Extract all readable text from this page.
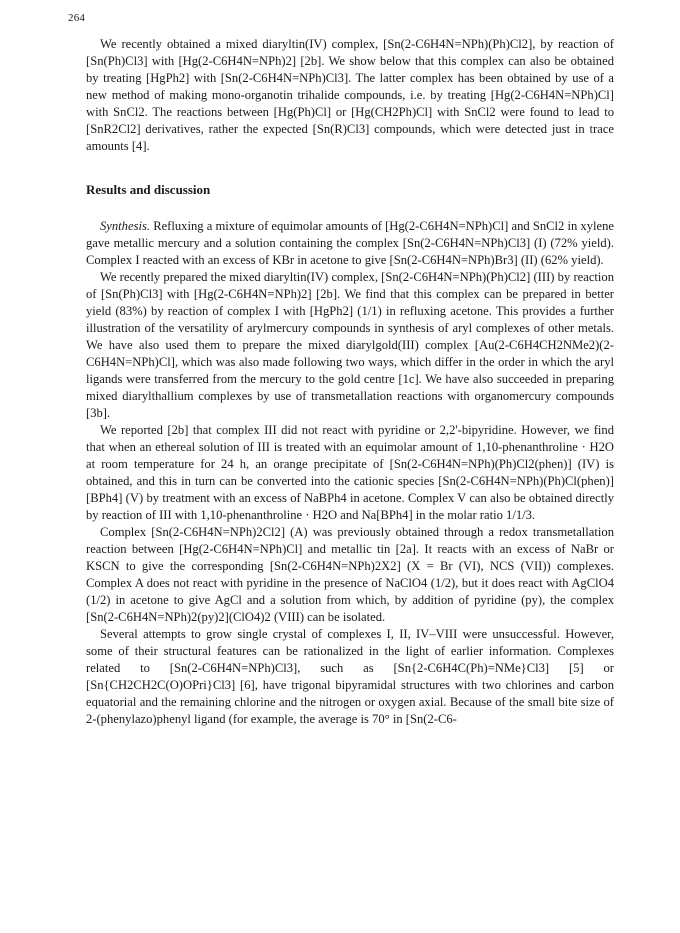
264

We recently obtained a mixed diaryltin(IV) complex, [Sn(2-C6H4N=NPh)(Ph)Cl2], by reaction of [Sn(Ph)Cl3] with [Hg(2-C6H4N=NPh)2] [2b]. We show below that this complex can also be obtained by treating [HgPh2] with [Sn(2-C6H4N=NPh)Cl3]. The latter complex has been obtained by use of a new method of making mono-organotin trihalide compounds, i.e. by treating [Hg(2-C6H4N=NPh)Cl] with SnCl2. The reactions between [Hg(Ph)Cl] or [Hg(CH2Ph)Cl] with SnCl2 were found to lead to [SnR2Cl2] derivatives, rather the expected [Sn(R)Cl3] compounds, which were detected just in trace amounts [4].

Results and discussion

Synthesis. Refluxing a mixture of equimolar amounts of [Hg(2-C6H4N=NPh)Cl] and SnCl2 in xylene gave metallic mercury and a solution containing the complex [Sn(2-C6H4N=NPh)Cl3] (I) (72% yield). Complex I reacted with an excess of KBr in acetone to give [Sn(2-C6H4N=NPh)Br3] (II) (62% yield).

We recently prepared the mixed diaryltin(IV) complex, [Sn(2-C6H4N=NPh)(Ph)Cl2] (III) by reaction of [Sn(Ph)Cl3] with [Hg(2-C6H4N=NPh)2] [2b]. We find that this complex can be prepared in better yield (83%) by reaction of complex I with [HgPh2] (1/1) in refluxing acetone. This provides a further illustration of the versatility of arylmercury compounds in synthesis of aryl complexes of other metals. We have also used them to prepare the mixed diarylgold(III) complex [Au(2-C6H4CH2NMe2)(2-C6H4N=NPh)Cl], which was also made following two ways, which differ in the order in which the aryl ligands were transferred from the mercury to the gold centre [1c]. We have also succeeded in preparing mixed diarylthallium complexes by use of transmetallation reactions with organomercury compounds [3b].

We reported [2b] that complex III did not react with pyridine or 2,2'-bipyridine. However, we find that when an ethereal solution of III is treated with an equimolar amount of 1,10-phenanthroline · H2O at room temperature for 24 h, an orange precipitate of [Sn(2-C6H4N=NPh)(Ph)Cl2(phen)] (IV) is obtained, and this in turn can be converted into the cationic species [Sn(2-C6H4N=NPh)(Ph)Cl(phen)][BPh4] (V) by treatment with an excess of NaBPh4 in acetone. Complex V can also be obtained directly by reaction of III with 1,10-phenanthroline · H2O and Na[BPh4] in the molar ratio 1/1/3.

Complex [Sn(2-C6H4N=NPh)2Cl2] (A) was previously obtained through a redox transmetallation reaction between [Hg(2-C6H4N=NPh)Cl] and metallic tin [2a]. It reacts with an excess of NaBr or KSCN to give the corresponding [Sn(2-C6H4N=NPh)2X2] (X = Br (VI), NCS (VII)) complexes. Complex A does not react with pyridine in the presence of NaClO4 (1/2), but it does react with AgClO4 (1/2) in acetone to give AgCl and a solution from which, by addition of pyridine (py), the complex [Sn(2-C6H4N=NPh)2(py)2](ClO4)2 (VIII) can be isolated.

Several attempts to grow single crystal of complexes I, II, IV–VIII were unsuccessful. However, some of their structural features can be rationalized in the light of earlier information. Complexes related to [Sn(2-C6H4N=NPh)Cl3], such as [Sn{2-C6H4C(Ph)=NMe}Cl3] [5] or [Sn{CH2CH2C(O)OPri}Cl3] [6], have trigonal bipyramidal structures with two chlorines and carbon equatorial and the remaining chlorine and the nitrogen or oxygen axial. Because of the small bite size of 2-(phenylazo)phenyl ligand (for example, the average is 70° in [Sn(2-C6-
